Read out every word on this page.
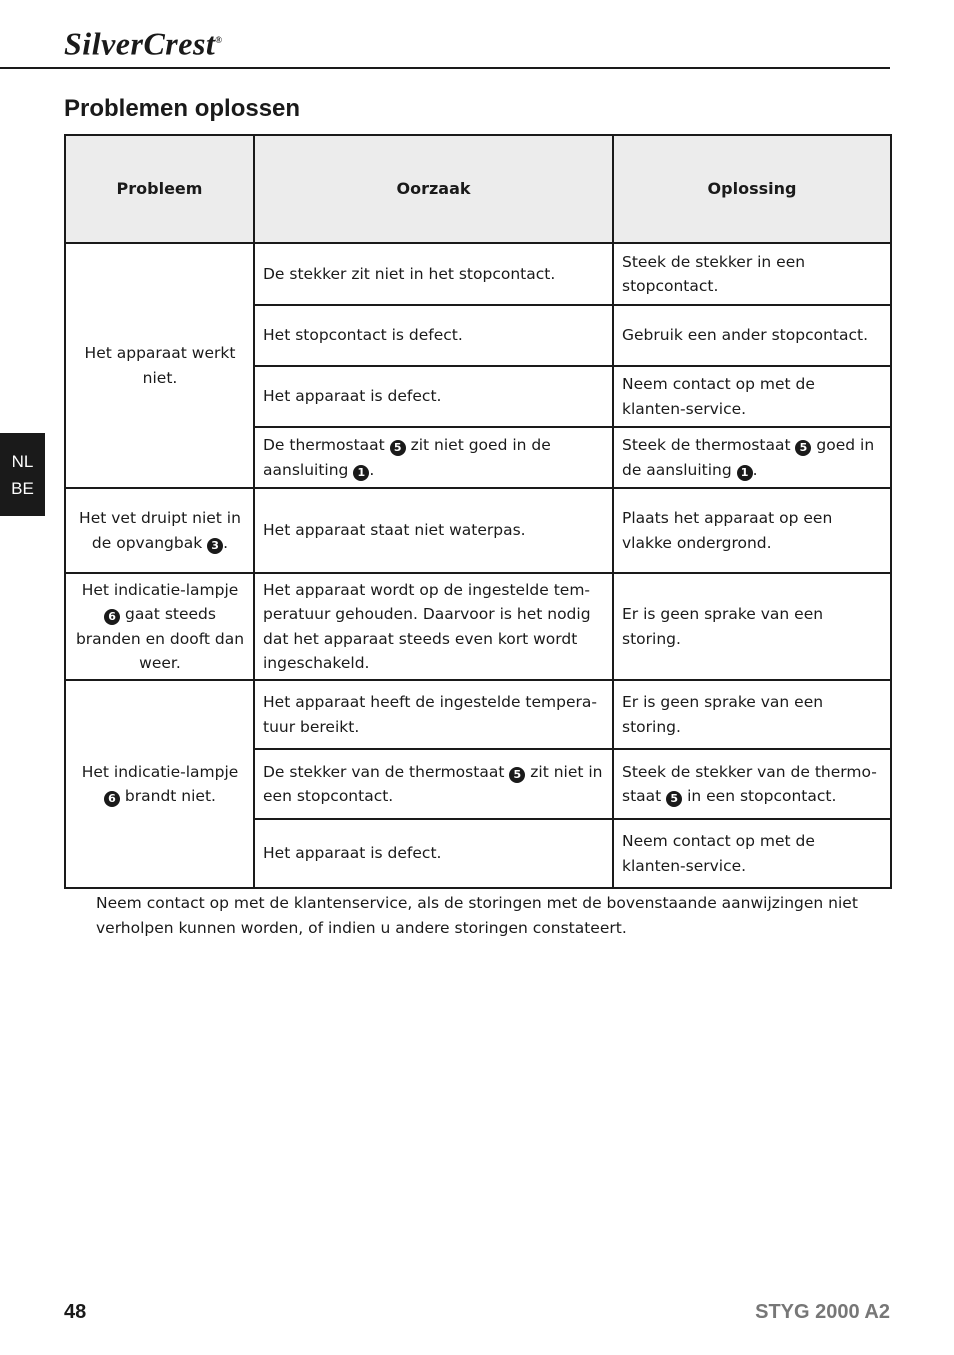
SilverCrest®
Problemen oplossen
NL
BE
Probleem	Oorzaak	Oplossing
Het apparaat werkt niet.	De stekker zit niet in het stopcontact.	Steek de stekker in een stopcontact.
	Het stopcontact is defect.	Gebruik een ander stopcontact.
	Het apparaat is defect.	Neem contact op met de klanten-service.
	De thermostaat 5 zit niet goed in de aansluiting 1 .	Steek de thermostaat 5 goed in de aansluiting 1 .
Het vet druipt niet in de opvangbak 3 .	Het apparaat staat niet waterpas.	Plaats het apparaat op een vlakke ondergrond.
Het indicatie-lampje 6 gaat steeds branden en dooft dan weer.	Het apparaat wordt op de ingestelde tem-peratuur gehouden. Daarvoor is het nodig dat het apparaat steeds even kort wordt ingeschakeld.	Er is geen sprake van een storing.
Het indicatie-lampje 6 brandt niet.	Het apparaat heeft de ingestelde tempera-tuur bereikt.	Er is geen sprake van een storing.
	De stekker van de thermostaat 5 zit niet in een stopcontact.	Steek de stekker van de thermo-staat 5 in een stopcontact.
	Het apparaat is defect.	Neem contact op met de klanten-service.

Neem contact op met de klantenservice, als de storingen met de bovenstaande aanwijzingen niet verholpen kunnen worden, of indien u andere storingen constateert.

48	STYG 2000 A2
